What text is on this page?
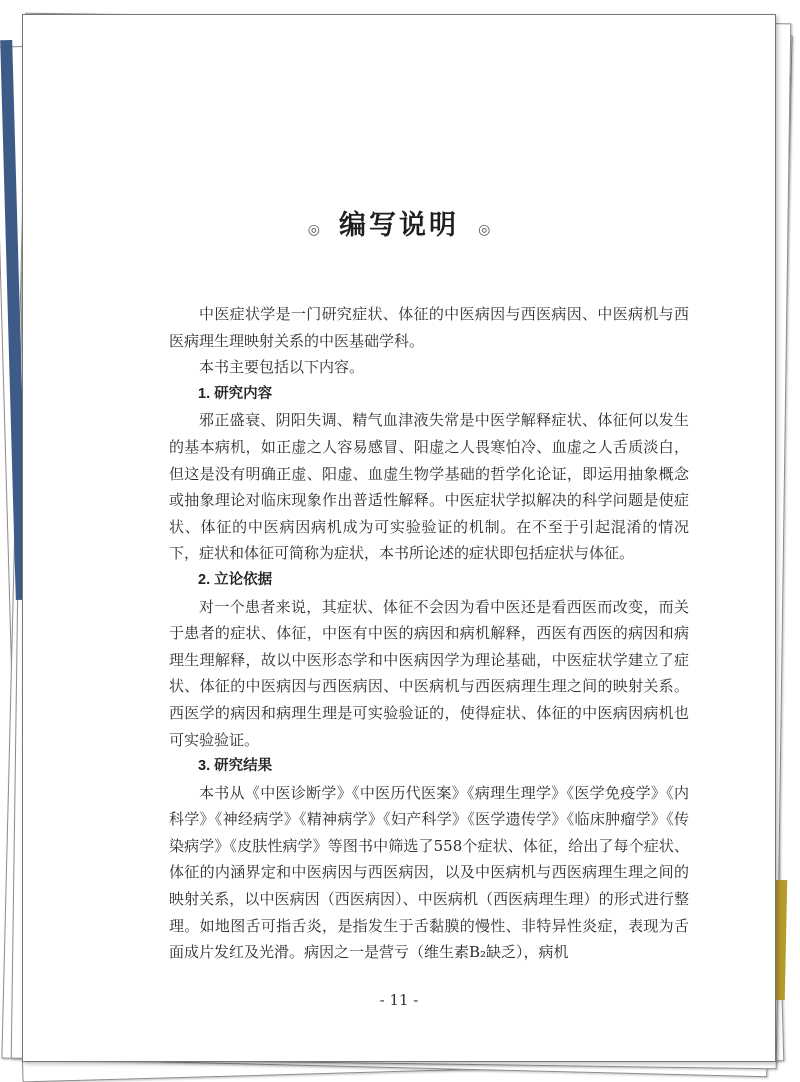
◎ 编写说明 ◎

中医症状学是一门研究症状、体征的中医病因与西医病因、中医病机与西医病理生理映射关系的中医基础学科。

本书主要包括以下内容。

1. 研究内容

邪正盛衰、阴阳失调、精气血津液失常是中医学解释症状、体征何以发生的基本病机，如正虚之人容易感冒、阳虚之人畏寒怕冷、血虚之人舌质淡白，但这是没有明确正虚、阳虚、血虚生物学基础的哲学化论证，即运用抽象概念或抽象理论对临床现象作出普适性解释。中医症状学拟解决的科学问题是使症状、体征的中医病因病机成为可实验验证的机制。在不至于引起混淆的情况下，症状和体征可简称为症状，本书所论述的症状即包括症状与体征。

2. 立论依据

对一个患者来说，其症状、体征不会因为看中医还是看西医而改变，而关于患者的症状、体征，中医有中医的病因和病机解释，西医有西医的病因和病理生理解释，故以中医形态学和中医病因学为理论基础，中医症状学建立了症状、体征的中医病因与西医病因、中医病机与西医病理生理之间的映射关系。西医学的病因和病理生理是可实验验证的，使得症状、体征的中医病因病机也可实验验证。

3. 研究结果

本书从《中医诊断学》《中医历代医案》《病理生理学》《医学免疫学》《内科学》《神经病学》《精神病学》《妇产科学》《医学遗传学》《临床肿瘤学》《传染病学》《皮肤性病学》等图书中筛选了558个症状、体征，给出了每个症状、体征的内涵界定和中医病因与西医病因，以及中医病机与西医病理生理之间的映射关系，以中医病因（西医病因）、中医病机（西医病理生理）的形式进行整理。如地图舌可指舌炎，是指发生于舌黏膜的慢性、非特异性炎症，表现为舌面成片发红及光滑。病因之一是营亏（维生素B₂缺乏），病机

- 11 -
